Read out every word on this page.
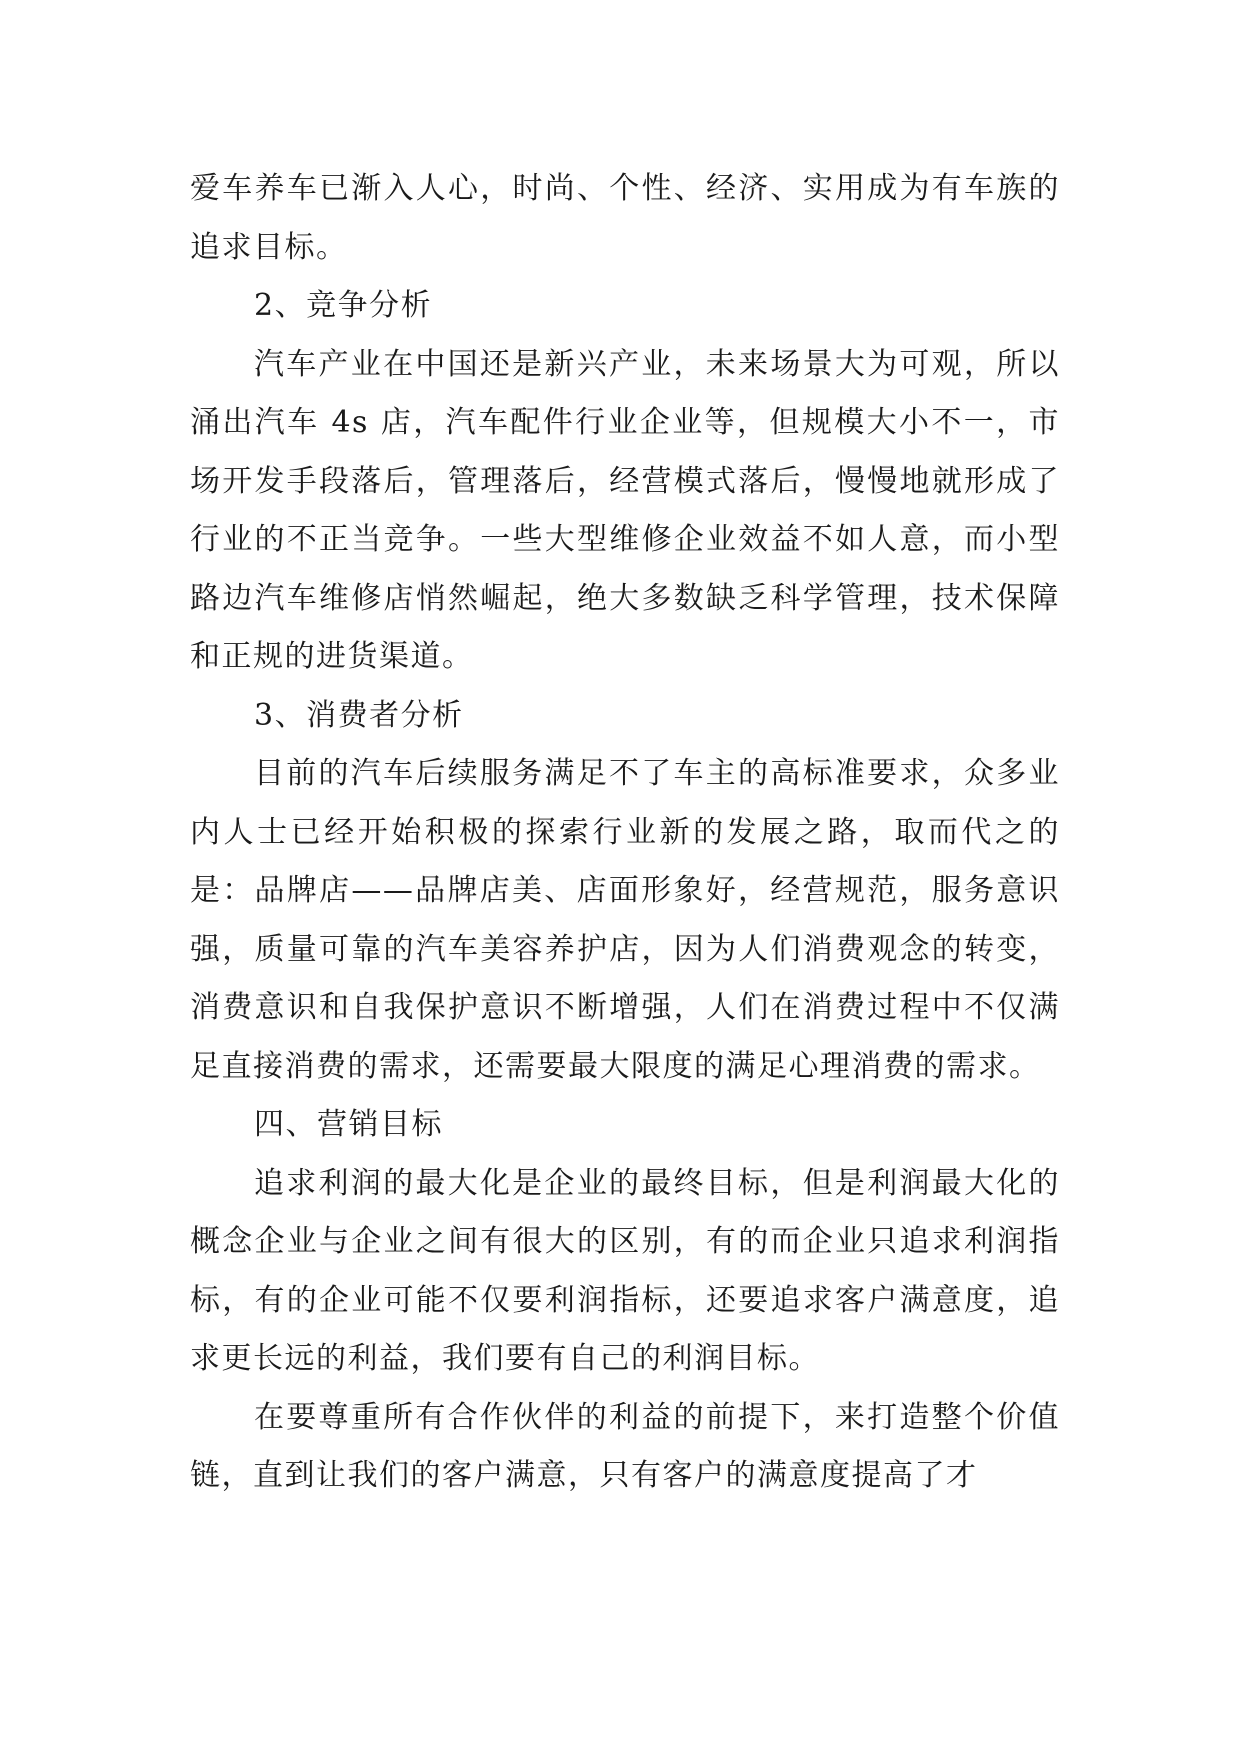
爱车养车已渐入人心，时尚、个性、经济、实用成为有车族的追求目标。

2、竞争分析

汽车产业在中国还是新兴产业，未来场景大为可观，所以涌出汽车 4s 店，汽车配件行业企业等，但规模大小不一，市场开发手段落后，管理落后，经营模式落后，慢慢地就形成了行业的不正当竞争。一些大型维修企业效益不如人意，而小型路边汽车维修店悄然崛起，绝大多数缺乏科学管理，技术保障和正规的进货渠道。

3、消费者分析

目前的汽车后续服务满足不了车主的高标准要求，众多业内人士已经开始积极的探索行业新的发展之路，取而代之的是：品牌店——品牌店美、店面形象好，经营规范，服务意识强，质量可靠的汽车美容养护店，因为人们消费观念的转变，消费意识和自我保护意识不断增强，人们在消费过程中不仅满足直接消费的需求，还需要最大限度的满足心理消费的需求。

四、营销目标

追求利润的最大化是企业的最终目标，但是利润最大化的概念企业与企业之间有很大的区别，有的而企业只追求利润指标，有的企业可能不仅要利润指标，还要追求客户满意度，追求更长远的利益，我们要有自己的利润目标。

在要尊重所有合作伙伴的利益的前提下，来打造整个价值链，直到让我们的客户满意，只有客户的满意度提高了才
